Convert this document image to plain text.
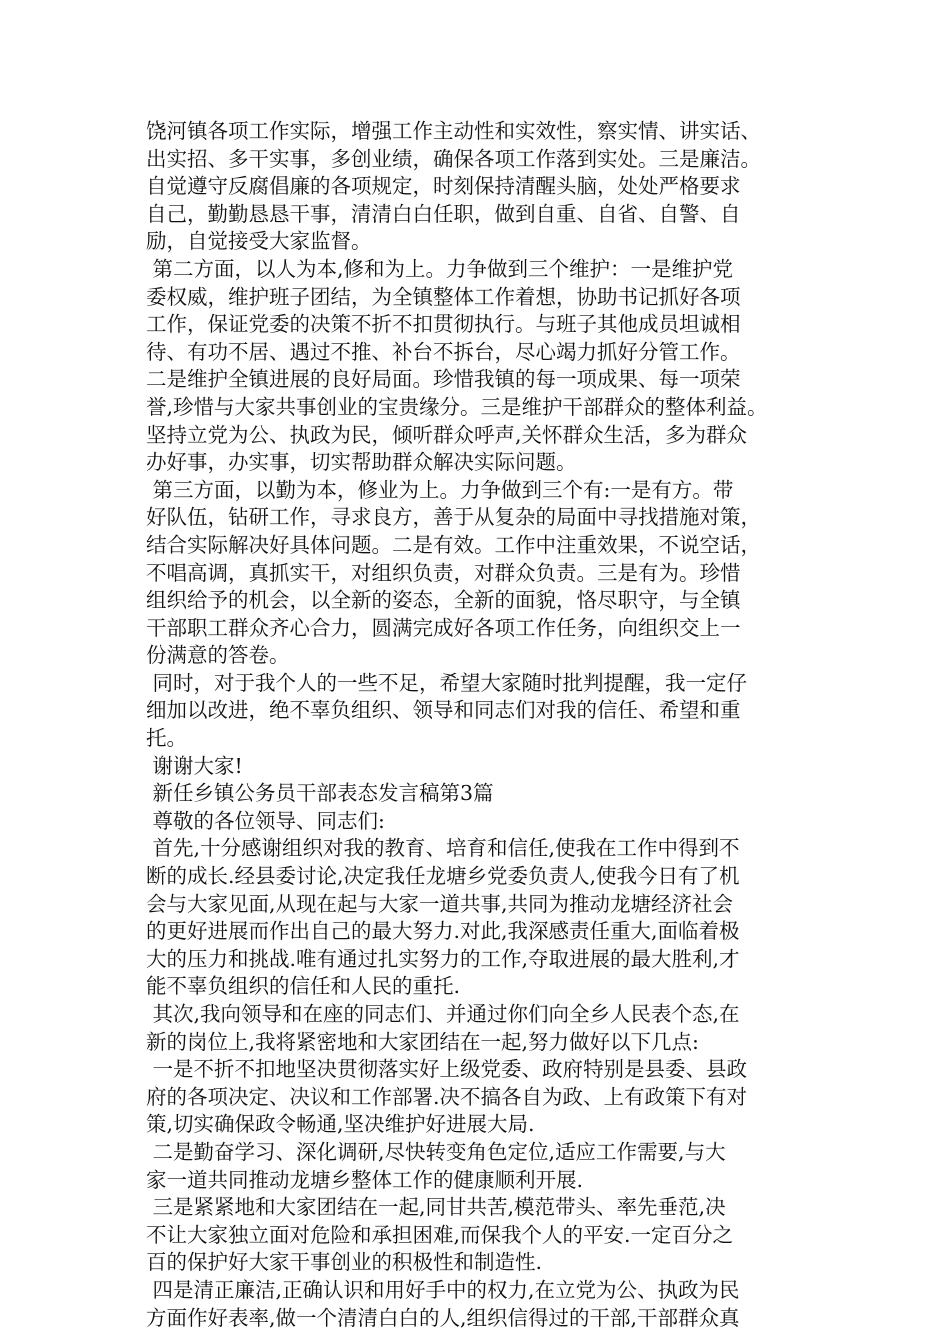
饶河镇各项工作实际，增强工作主动性和实效性，察实情、讲实话、
出实招、多干实事，多创业绩，确保各项工作落到实处。三是廉洁。
自觉遵守反腐倡廉的各项规定，时刻保持清醒头脑，处处严格要求
自己，勤勤恳恳干事，清清白白任职，做到自重、自省、自警、自
励，自觉接受大家监督。
第二方面，以人为本,修和为上。力争做到三个维护：一是维护党
委权威，维护班子团结，为全镇整体工作着想，协助书记抓好各项
工作，保证党委的决策不折不扣贯彻执行。与班子其他成员坦诚相
待、有功不居、遇过不推、补台不拆台，尽心竭力抓好分管工作。
二是维护全镇进展的良好局面。珍惜我镇的每一项成果、每一项荣
誉,珍惜与大家共事创业的宝贵缘分。三是维护干部群众的整体利益。
坚持立党为公、执政为民，倾听群众呼声,关怀群众生活，多为群众
办好事，办实事，切实帮助群众解决实际问题。
第三方面，以勤为本，修业为上。力争做到三个有:一是有方。带
好队伍，钻研工作，寻求良方，善于从复杂的局面中寻找措施对策，
结合实际解决好具体问题。二是有效。工作中注重效果，不说空话，
不唱高调，真抓实干，对组织负责，对群众负责。三是有为。珍惜
组织给予的机会，以全新的姿态，全新的面貌，恪尽职守，与全镇
干部职工群众齐心合力，圆满完成好各项工作任务，向组织交上一
份满意的答卷。
同时，对于我个人的一些不足，希望大家随时批判提醒，我一定仔
细加以改进，绝不辜负组织、领导和同志们对我的信任、希望和重
托。
谢谢大家!
新任乡镇公务员干部表态发言稿第3篇
尊敬的各位领导、同志们:
首先,十分感谢组织对我的教育、培育和信任,使我在工作中得到不
断的成长.经县委讨论,决定我任龙塘乡党委负责人,使我今日有了机
会与大家见面,从现在起与大家一道共事,共同为推动龙塘经济社会
的更好进展而作出自己的最大努力.对此,我深感责任重大,面临着极
大的压力和挑战.唯有通过扎实努力的工作,夺取进展的最大胜利,才
能不辜负组织的信任和人民的重托.
其次,我向领导和在座的同志们、并通过你们向全乡人民表个态,在
新的岗位上,我将紧密地和大家团结在一起,努力做好以下几点:
一是不折不扣地坚决贯彻落实好上级党委、政府特别是县委、县政
府的各项决定、决议和工作部署.决不搞各自为政、上有政策下有对
策,切实确保政令畅通,坚决维护好进展大局.
二是勤奋学习、深化调研,尽快转变角色定位,适应工作需要,与大
家一道共同推动龙塘乡整体工作的健康顺利开展.
三是紧紧地和大家团结在一起,同甘共苦,模范带头、率先垂范,决
不让大家独立面对危险和承担困难,而保我个人的平安.一定百分之
百的保护好大家干事创业的积极性和制造性.
四是清正廉洁,正确认识和用好手中的权力,在立党为公、执政为民
方面作好表率,做一个清清白白的人,组织信得过的干部,干部群众真
